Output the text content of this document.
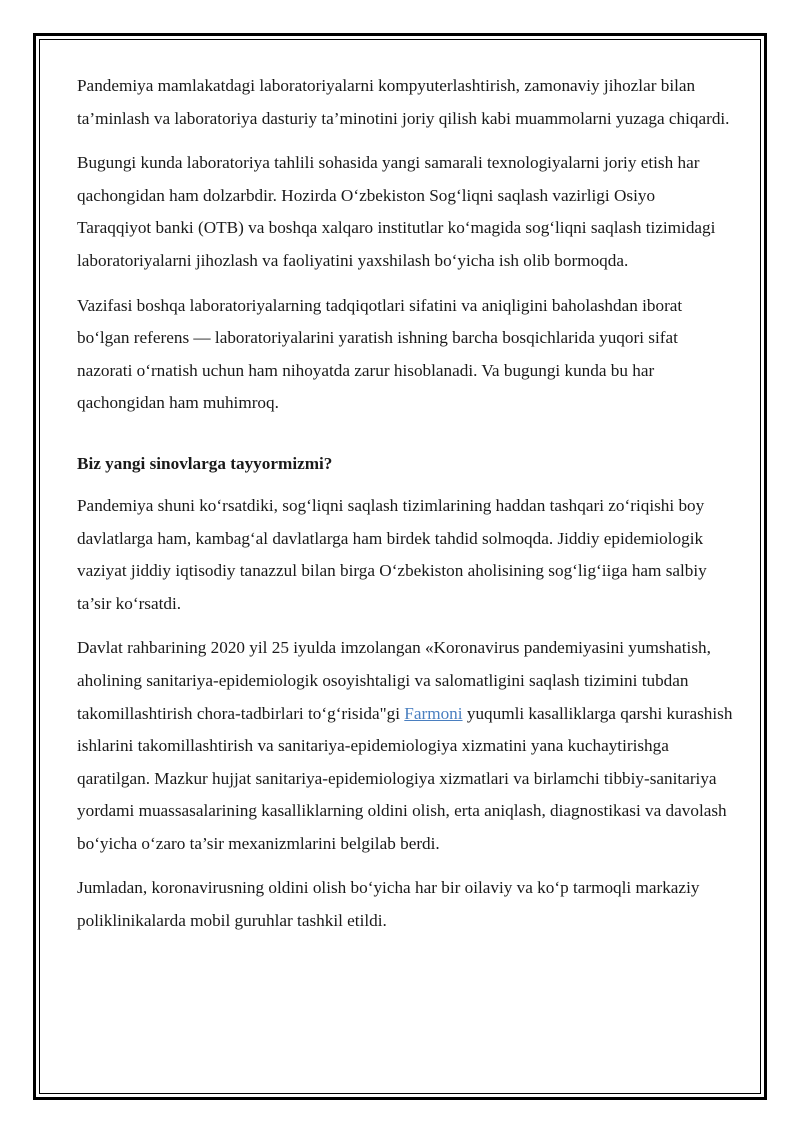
Pandemiya mamlakatdagi laboratoriyalarni kompyuterlashtirish, zamonaviy jihozlar bilan ta’minlash va laboratoriya dasturiy ta’minotini joriy qilish kabi muammolarni yuzaga chiqardi.

Bugungi kunda laboratoriya tahlili sohasida yangi samarali texnologiyalarni joriy etish har qachongidan ham dolzarbdir. Hozirda O‘zbekiston Sog‘liqni saqlash vazirligi Osiyo Taraqqiyot banki (OTB) va boshqa xalqaro institutlar ko‘magida sog‘liqni saqlash tizimidagi laboratoriyalarni jihozlash va faoliyatini yaxshilash bo‘yicha ish olib bormoqda.

Vazifasi boshqa laboratoriyalarning tadqiqotlari sifatini va aniqligini baholashdan iborat bo‘lgan referens — laboratoriyalarini yaratish ishning barcha bosqichlarida yuqori sifat nazorati o‘rnatish uchun ham nihoyatda zarur hisoblanadi. Va bugungi kunda bu har qachongidan ham muhimroq.

Biz yangi sinovlarga tayyormizmi?

Pandemiya shuni ko‘rsatdiki, sog‘liqni saqlash tizimlarining haddan tashqari zo‘riqishi boy davlatlarga ham, kambag‘al davlatlarga ham birdek tahdid solmoqda. Jiddiy epidemiologik vaziyat jiddiy iqtisodiy tanazzul bilan birga O‘zbekiston aholisining sog‘lig‘iiga ham salbiy ta’sir ko‘rsatdi.

Davlat rahbarining 2020 yil 25 iyulda imzolangan «Koronavirus pandemiyasini yumshatish, aholining sanitariya-epidemiologik osoyishtaligi va salomatligini saqlash tizimini tubdan takomillashtirish chora-tadbirlari to‘g‘risida"gi Farmoni yuqumli kasalliklarga qarshi kurashish ishlarini takomillashtirish va sanitariya-epidemiologiya xizmatini yana kuchaytirishga qaratilgan. Mazkur hujjat sanitariya-epidemiologiya xizmatlari va birlamchi tibbiy-sanitariya yordami muassasalarining kasalliklarning oldini olish, erta aniqlash, diagnostikasi va davolash bo‘yicha o‘zaro ta’sir mexanizmlarini belgilab berdi.

Jumladan, koronavirusning oldini olish bo‘yicha har bir oilaviy va ko‘p tarmoqli markaziy poliklinikalarda mobil guruhlar tashkil etildi.
